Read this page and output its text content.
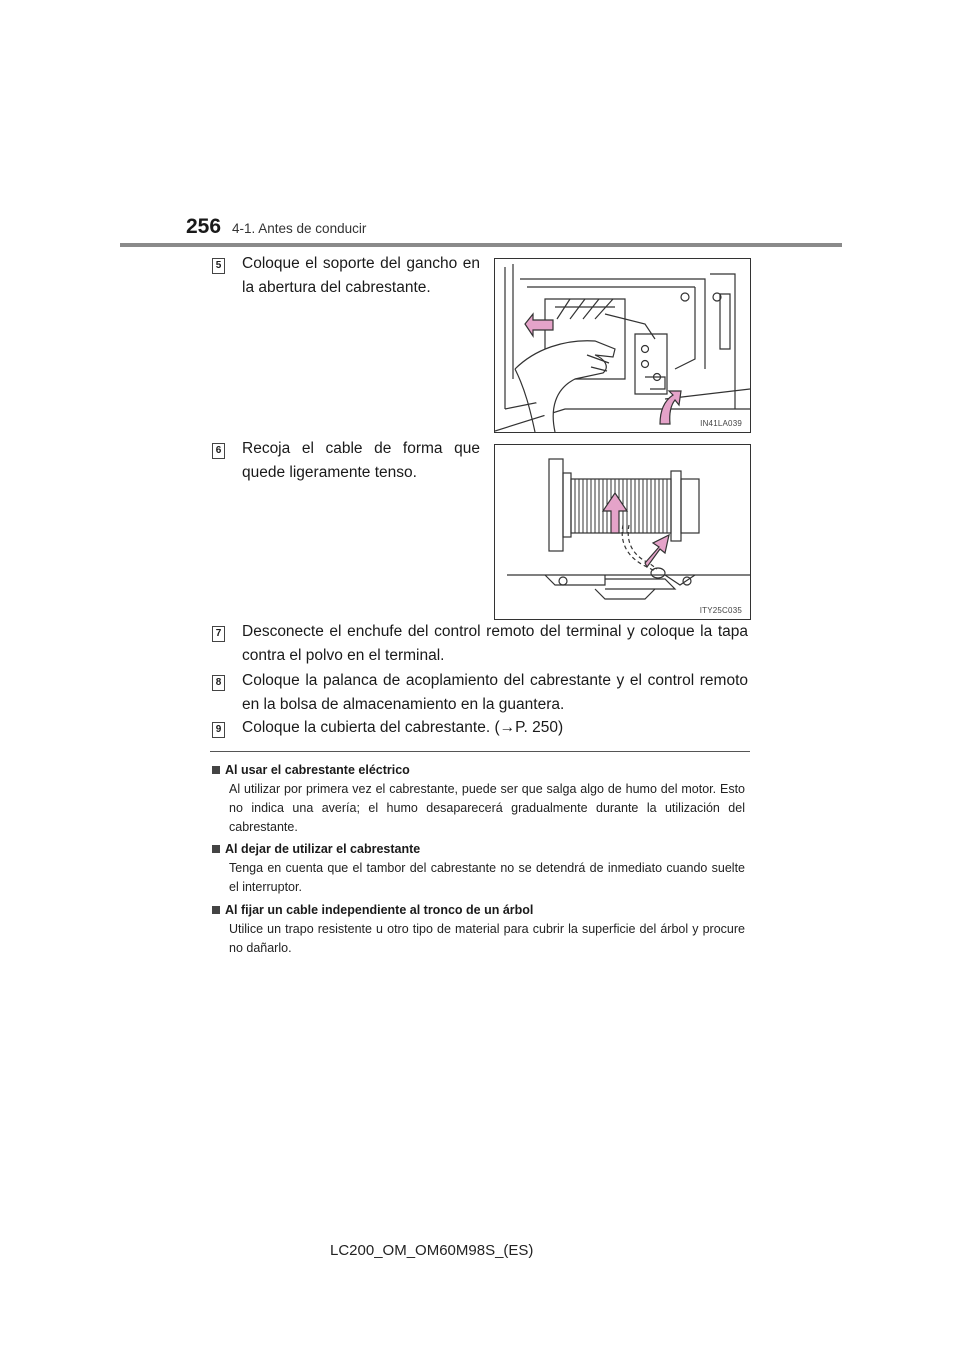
256 4-1. Antes de conducir
5 Coloque el soporte del gancho en la abertura del cabrestante.
IN41LA039
6 Recoja el cable de forma que quede ligeramente tenso.
ITY25C035
7 Desconecte el enchufe del control remoto del terminal y coloque la tapa contra el polvo en el terminal.
8 Coloque la palanca de acoplamiento del cabrestante y el control remoto en la bolsa de almacenamiento en la guantera.
9 Coloque la cubierta del cabrestante. (→P. 250)
Al usar el cabrestante eléctrico
Al utilizar por primera vez el cabrestante, puede ser que salga algo de humo del motor. Esto no indica una avería; el humo desaparecerá gradualmente durante la utilización del cabrestante.
Al dejar de utilizar el cabrestante
Tenga en cuenta que el tambor del cabrestante no se detendrá de inmediato cuando suelte el interruptor.
Al fijar un cable independiente al tronco de un árbol
Utilice un trapo resistente u otro tipo de material para cubrir la superficie del árbol y procure no dañarlo.
LC200_OM_OM60M98S_(ES)
